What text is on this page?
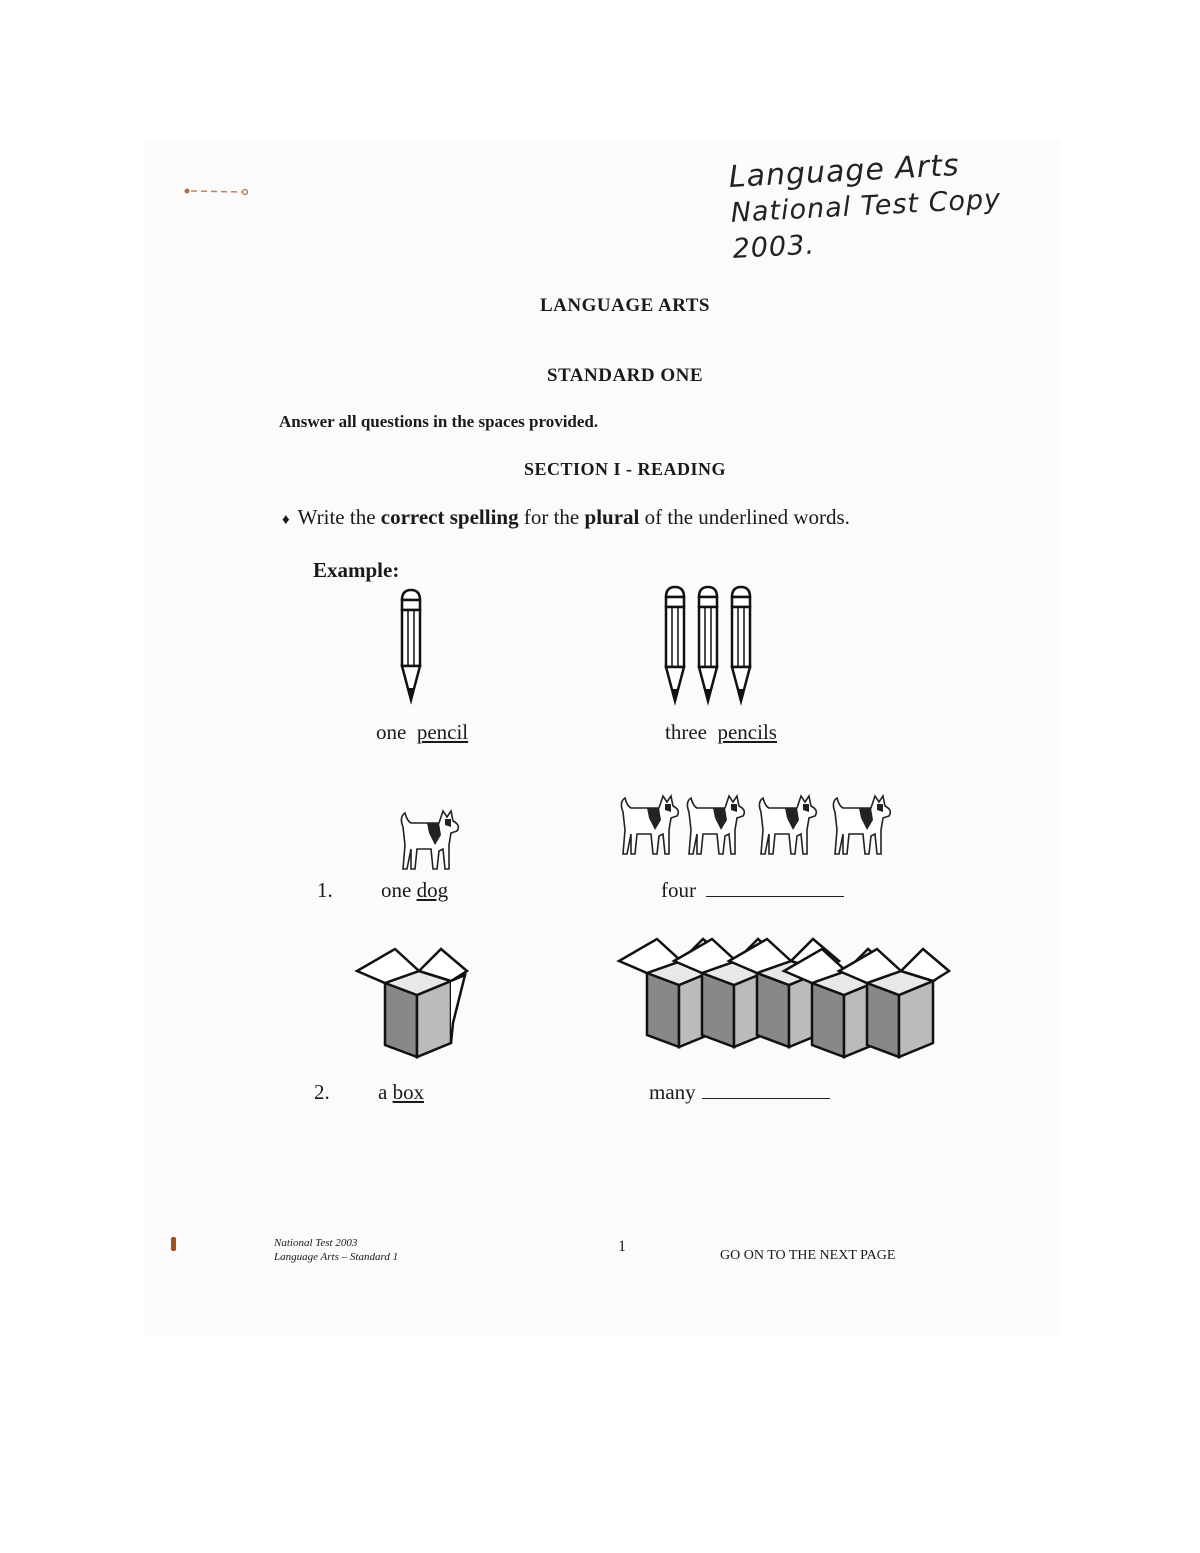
Language Arts
National Test Copy 2003.
LANGUAGE ARTS
STANDARD ONE
Answer all questions in the spaces provided.
SECTION I - READING
♦ Write the correct spelling for the plural of the underlined words.
Example:
one pencil	three pencils
1. one dog	four
2. a box	many
National Test 2003
Language Arts – Standard 1
1
GO ON TO THE NEXT PAGE
